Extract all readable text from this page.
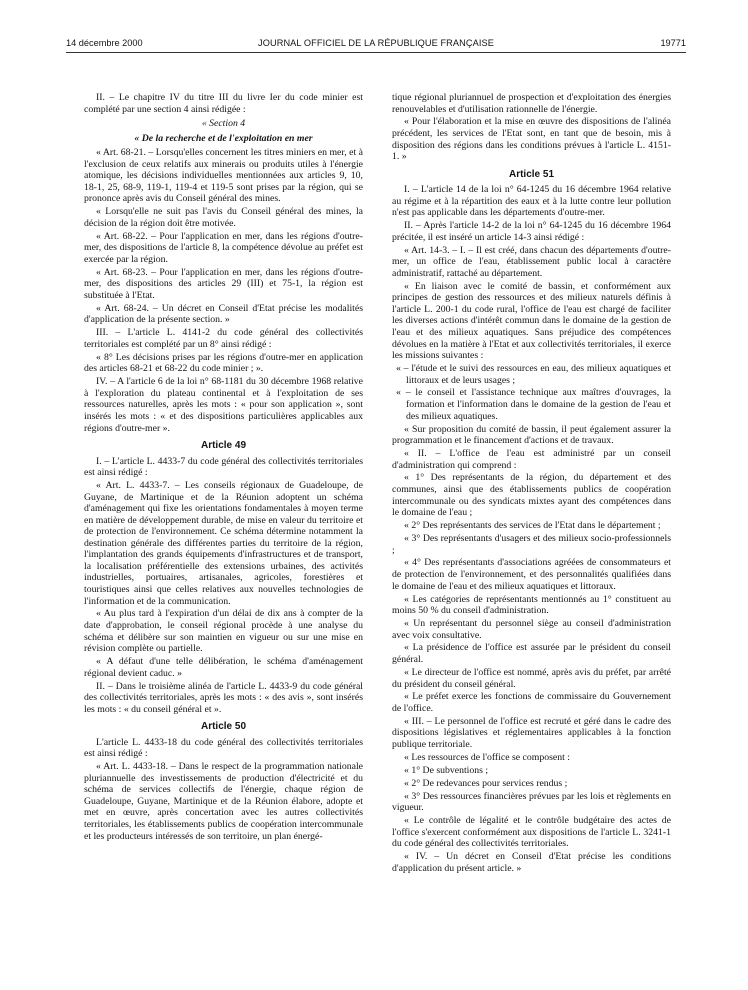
14 décembre 2000	JOURNAL OFFICIEL DE LA RÉPUBLIQUE FRANÇAISE	19771

II. – Le chapitre IV du titre III du livre Ier du code minier est complété par une section 4 ainsi rédigée :

« Section 4

« De la recherche et de l'exploitation en mer

« Art. 68-21. – Lorsqu'elles concernent les titres miniers en mer, et à l'exclusion de ceux relatifs aux minerais ou produits utiles à l'énergie atomique, les décisions individuelles mentionnées aux articles 9, 10, 18-1, 25, 68-9, 119-1, 119-4 et 119-5 sont prises par la région, qui se prononce après avis du Conseil général des mines.

« Lorsqu'elle ne suit pas l'avis du Conseil général des mines, la décision de la région doit être motivée.

« Art. 68-22. – Pour l'application en mer, dans les régions d'outre-mer, des dispositions de l'article 8, la compétence dévolue au préfet est exercée par la région.

« Art. 68-23. – Pour l'application en mer, dans les régions d'outre-mer, des dispositions des articles 29 (III) et 75-1, la région est substituée à l'Etat.

« Art. 68-24. – Un décret en Conseil d'Etat précise les modalités d'application de la présente section. »

III. – L'article L. 4141-2 du code général des collectivités territoriales est complété par un 8° ainsi rédigé :

« 8° Les décisions prises par les régions d'outre-mer en application des articles 68-21 et 68-22 du code minier ; ».

IV. – A l'article 6 de la loi n° 68-1181 du 30 décembre 1968 relative à l'exploration du plateau continental et à l'exploitation de ses ressources naturelles, après les mots : « pour son application », sont insérés les mots : « et des dispositions particulières applicables aux régions d'outre-mer ».

Article 49

I. – L'article L. 4433-7 du code général des collectivités territoriales est ainsi rédigé :

« Art. L. 4433-7. – Les conseils régionaux de Guadeloupe, de Guyane, de Martinique et de la Réunion adoptent un schéma d'aménagement qui fixe les orientations fondamentales à moyen terme en matière de développement durable, de mise en valeur du territoire et de protection de l'environnement. Ce schéma détermine notamment la destination générale des différentes parties du territoire de la région, l'implantation des grands équipements d'infrastructures et de transport, la localisation préférentielle des extensions urbaines, des activités industrielles, portuaires, artisanales, agricoles, forestières et touristiques ainsi que celles relatives aux nouvelles technologies de l'information et de la communication.

« Au plus tard à l'expiration d'un délai de dix ans à compter de la date d'approbation, le conseil régional procède à une analyse du schéma et délibère sur son maintien en vigueur ou sur une mise en révision complète ou partielle.

« A défaut d'une telle délibération, le schéma d'aménagement régional devient caduc. »

II. – Dans le troisième alinéa de l'article L. 4433-9 du code général des collectivités territoriales, après les mots : « des avis », sont insérés les mots : « du conseil général et ».

Article 50

L'article L. 4433-18 du code général des collectivités territoriales est ainsi rédigé :

« Art. L. 4433-18. – Dans le respect de la programmation nationale pluriannuelle des investissements de production d'électricité et du schéma de services collectifs de l'énergie, chaque région de Guadeloupe, Guyane, Martinique et de la Réunion élabore, adopte et met en œuvre, après concertation avec les autres collectivités territoriales, les établissements publics de coopération intercommunale et les producteurs intéressés de son territoire, un plan énergé-

tique régional pluriannuel de prospection et d'exploitation des énergies renouvelables et d'utilisation rationnelle de l'énergie.

« Pour l'élaboration et la mise en œuvre des dispositions de l'alinéa précédent, les services de l'Etat sont, en tant que de besoin, mis à disposition des régions dans les conditions prévues à l'article L. 4151-1. »

Article 51

I. – L'article 14 de la loi n° 64-1245 du 16 décembre 1964 relative au régime et à la répartition des eaux et à la lutte contre leur pollution n'est pas applicable dans les départements d'outre-mer.

II. – Après l'article 14-2 de la loi n° 64-1245 du 16 décembre 1964 précitée, il est inséré un article 14-3 ainsi rédigé :

« Art. 14-3. – I. – Il est créé, dans chacun des départements d'outre-mer, un office de l'eau, établissement public local à caractère administratif, rattaché au département.

« En liaison avec le comité de bassin, et conformément aux principes de gestion des ressources et des milieux naturels définis à l'article L. 200-1 du code rural, l'office de l'eau est chargé de faciliter les diverses actions d'intérêt commun dans le domaine de la gestion de l'eau et des milieux aquatiques. Sans préjudice des compétences dévolues en la matière à l'Etat et aux collectivités territoriales, il exerce les missions suivantes :

« – l'étude et le suivi des ressources en eau, des milieux aquatiques et littoraux et de leurs usages ;

« – le conseil et l'assistance technique aux maîtres d'ouvrages, la formation et l'information dans le domaine de la gestion de l'eau et des milieux aquatiques.

« Sur proposition du comité de bassin, il peut également assurer la programmation et le financement d'actions et de travaux.

« II. – L'office de l'eau est administré par un conseil d'administration qui comprend :

« 1° Des représentants de la région, du département et des communes, ainsi que des établissements publics de coopération intercommunale ou des syndicats mixtes ayant des compétences dans le domaine de l'eau ;

« 2° Des représentants des services de l'Etat dans le département ;

« 3° Des représentants d'usagers et des milieux socio-professionnels ;

« 4° Des représentants d'associations agréées de consommateurs et de protection de l'environnement, et des personnalités qualifiées dans le domaine de l'eau et des milieux aquatiques et littoraux.

« Les catégories de représentants mentionnés au 1° constituent au moins 50 % du conseil d'administration.

« Un représentant du personnel siège au conseil d'administration avec voix consultative.

« La présidence de l'office est assurée par le président du conseil général.

« Le directeur de l'office est nommé, après avis du préfet, par arrêté du président du conseil général.

« Le préfet exerce les fonctions de commissaire du Gouvernement de l'office.

« III. – Le personnel de l'office est recruté et géré dans le cadre des dispositions législatives et réglementaires applicables à la fonction publique territoriale.

« Les ressources de l'office se composent :

« 1° De subventions ;

« 2° De redevances pour services rendus ;

« 3° Des ressources financières prévues par les lois et règlements en vigueur.

« Le contrôle de légalité et le contrôle budgétaire des actes de l'office s'exercent conformément aux dispositions de l'article L. 3241-1 du code général des collectivités territoriales.

« IV. – Un décret en Conseil d'Etat précise les conditions d'application du présent article. »
